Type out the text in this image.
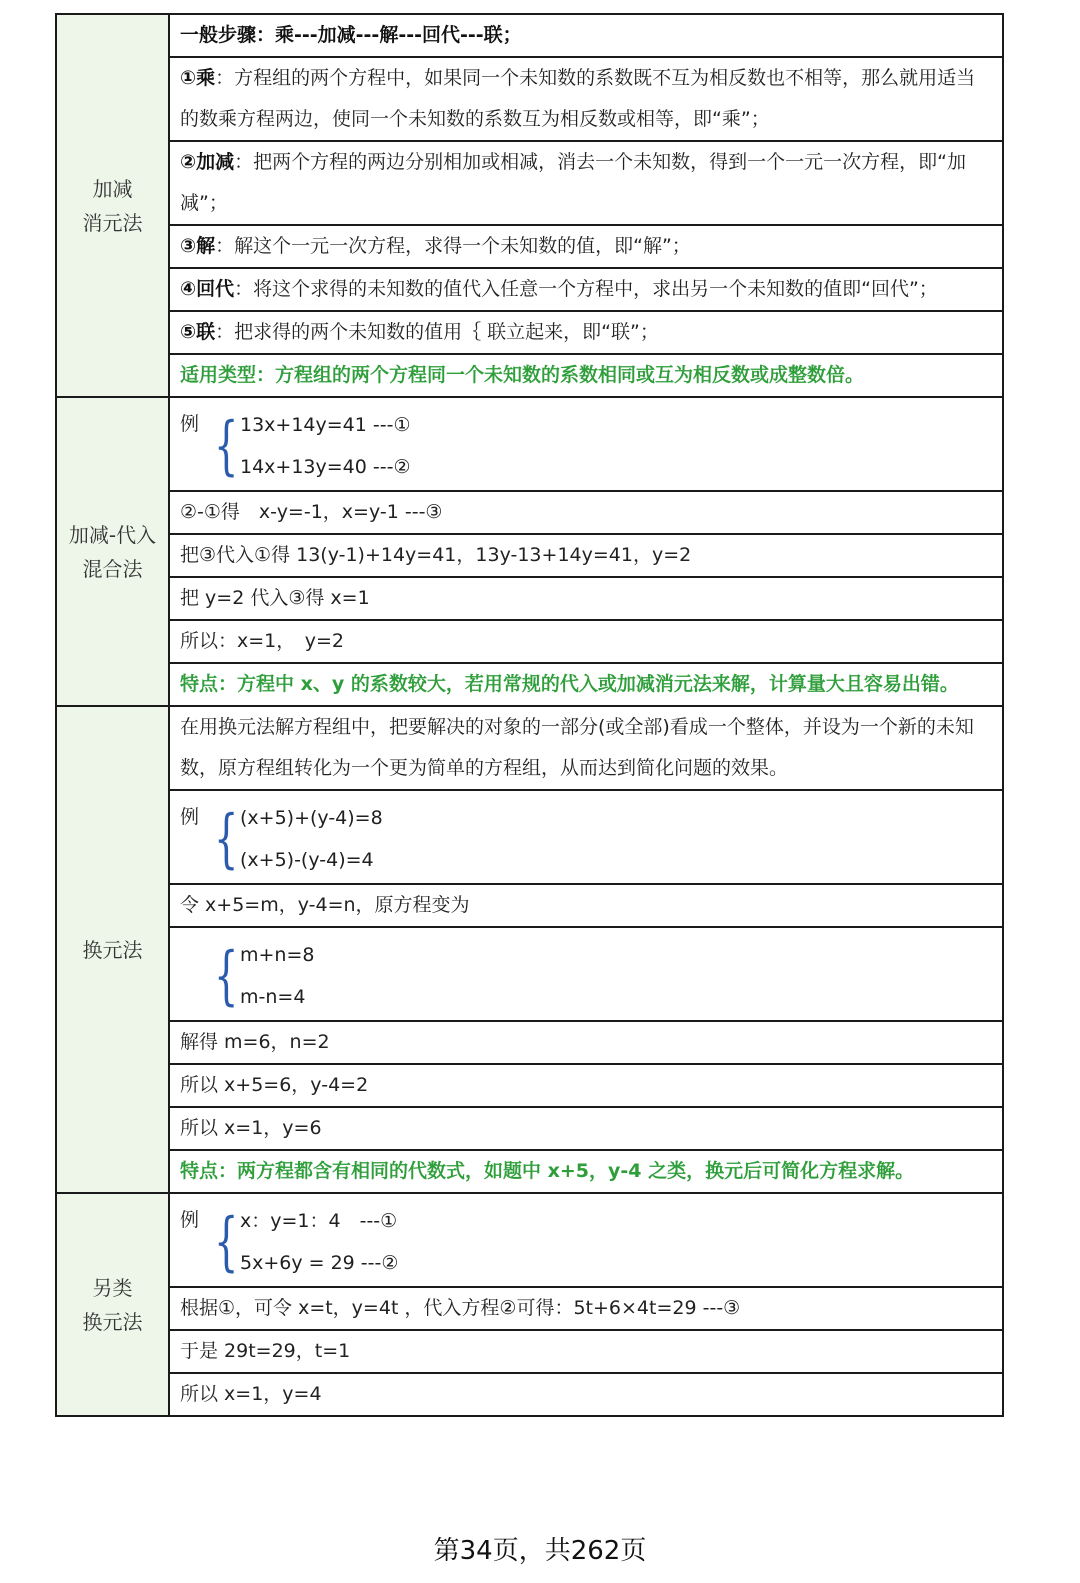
加减
消元法
一般步骤：乘---加减---解---回代---联；
①乘：方程组的两个方程中，如果同一个未知数的系数既不互为相反数也不相等，那么就用适当的数乘方程两边，使同一个未知数的系数互为相反数或相等，即“乘”；
②加减：把两个方程的两边分别相加或相减，消去一个未知数，得到一个一元一次方程，即“加减”；
③解：解这个一元一次方程，求得一个未知数的值，即“解”；
④回代：将这个求得的未知数的值代入任意一个方程中，求出另一个未知数的值即“回代”；
⑤联：把求得的两个未知数的值用｛ 联立起来，即“联”；
适用类型：方程组的两个方程同一个未知数的系数相同或互为相反数或成整数倍。
加减-代入
混合法
例 { 13x+14y=41 ---①
14x+13y=40 ---②
②-①得　x-y=-1，x=y-1 ---③
把③代入①得 13(y-1)+14y=41，13y-13+14y=41，y=2
把 y=2 代入③得 x=1
所以：x=1，　y=2
特点：方程中 x、y 的系数较大，若用常规的代入或加减消元法来解，计算量大且容易出错。
换元法
在用换元法解方程组中，把要解决的对象的一部分(或全部)看成一个整体，并设为一个新的未知数，原方程组转化为一个更为简单的方程组，从而达到简化问题的效果。
例 { (x+5)+(y-4)=8
(x+5)-(y-4)=4
令 x+5=m，y-4=n，原方程变为
{ m+n=8
m-n=4
解得 m=6，n=2
所以 x+5=6，y-4=2
所以 x=1，y=6
特点：两方程都含有相同的代数式，如题中 x+5，y-4 之类，换元后可简化方程求解。
另类
换元法
例 { x：y=1：4　---①
5x+6y = 29 ---②
根据①，可令 x=t，y=4t ，代入方程②可得：5t+6×4t=29 ---③
于是 29t=29，t=1
所以 x=1，y=4
第34页，共262页
